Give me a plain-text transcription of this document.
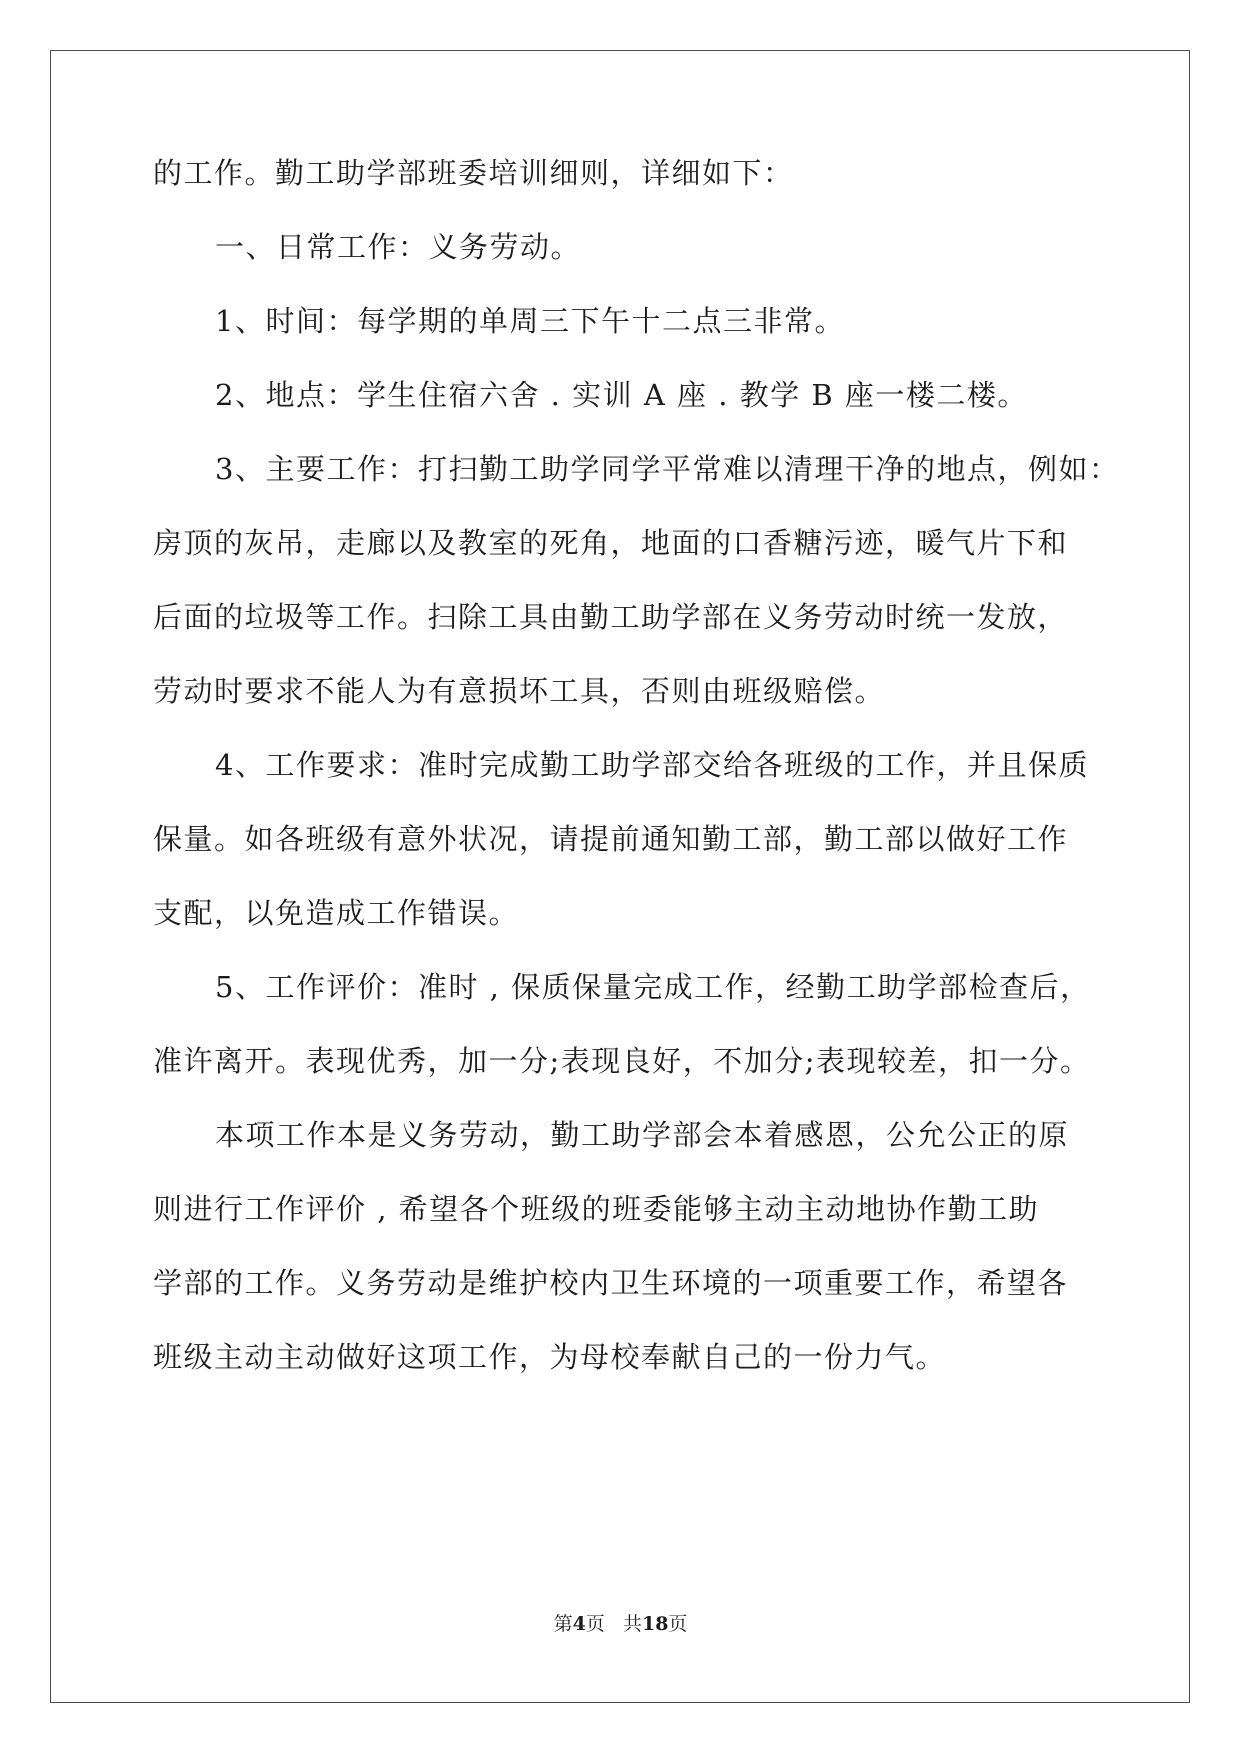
的工作。勤工助学部班委培训细则，详细如下：

一、日常工作：义务劳动。

1、时间：每学期的单周三下午十二点三非常。

2、地点：学生住宿六舍 . 实训 A 座 . 教学 B 座一楼二楼。

3、主要工作：打扫勤工助学同学平常难以清理干净的地点，例如：

房顶的灰吊，走廊以及教室的死角，地面的口香糖污迹，暖气片下和

后面的垃圾等工作。扫除工具由勤工助学部在义务劳动时统一发放，

劳动时要求不能人为有意损坏工具，否则由班级赔偿。

4、工作要求：准时完成勤工助学部交给各班级的工作，并且保质

保量。如各班级有意外状况，请提前通知勤工部，勤工部以做好工作

支配，以免造成工作错误。

5、工作评价：准时 , 保质保量完成工作，经勤工助学部检查后，

准许离开。表现优秀，加一分;表现良好，不加分;表现较差，扣一分。

本项工作本是义务劳动，勤工助学部会本着感恩，公允公正的原

则进行工作评价 , 希望各个班级的班委能够主动主动地协作勤工助

学部的工作。义务劳动是维护校内卫生环境的一项重要工作，希望各

班级主动主动做好这项工作，为母校奉献自己的一份力气。

第4页 共18页
